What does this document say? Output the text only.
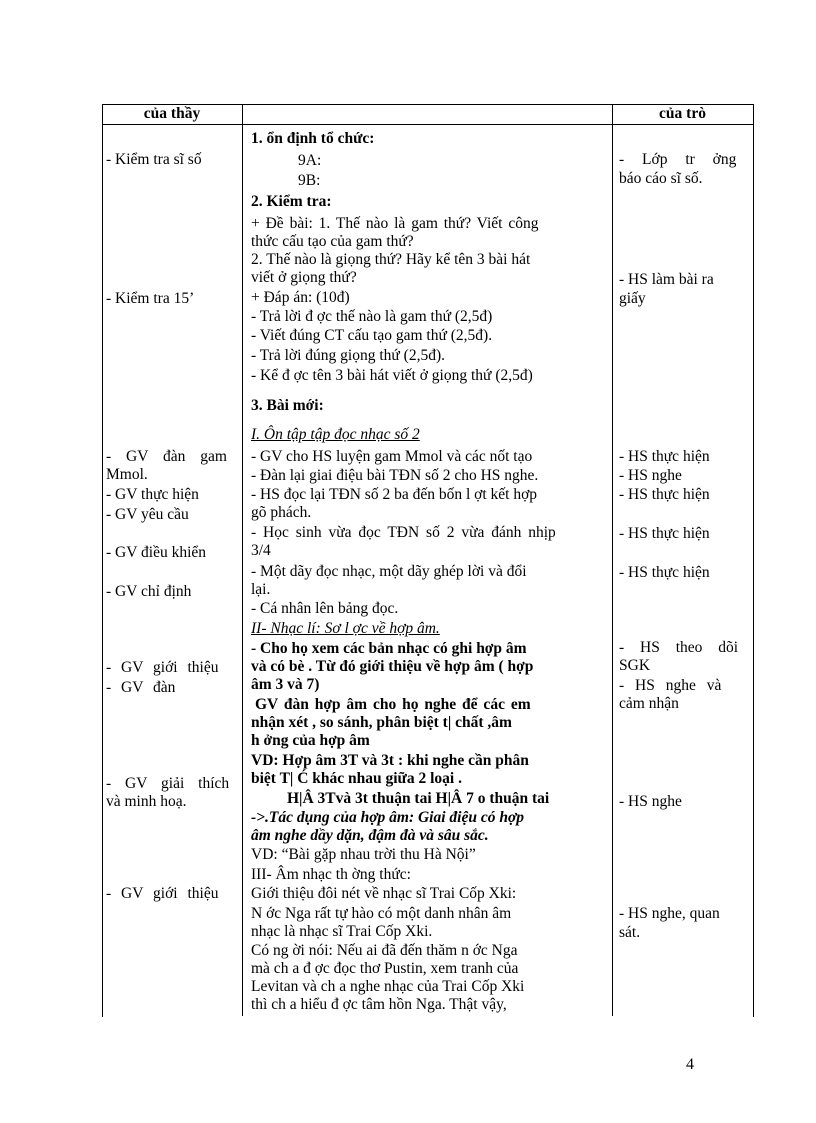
của thầy	của trò
- Kiểm tra sĩ số
- Kiểm tra 15’
- GV đàn gam
Mmol.
- GV thực hiện
- GV yêu cầu
- GV điều khiển
- GV chỉ định
- GV giới thiệu
- GV đàn
- GV giải thích
và minh hoạ.
- GV giới thiệu
1. ổn định tổ chức:
9A:
9B:
2. Kiểm tra:
+ Đề bài: 1. Thế nào là gam thứ? Viết công
thức cấu tạo của gam thứ?
2. Thế nào là giọng thứ? Hãy kể tên 3 bài hát
viết ở giọng thứ?
+ Đáp án: (10đ)
- Trả lời đ ợc thế nào là gam thứ (2,5đ)
- Viết đúng CT cấu tạo gam thứ (2,5đ).
- Trả lời đúng giọng thứ (2,5đ).
- Kể đ ợc tên 3 bài hát viết ở giọng thứ (2,5đ)
3. Bài mới:
I. Ôn tập tập đọc nhạc số 2
- GV cho HS luyện gam Mmol và các nốt tạo
- Đàn lại giai điệu bài TĐN số 2 cho HS nghe.
- HS đọc lại TĐN số 2 ba đến bốn l ợt kết hợp
gõ phách.
- Học sinh vừa đọc TĐN số 2 vừa đánh nhịp
3/4
- Một dãy đọc nhạc, một dãy ghép lời và đổi
lại.
- Cá nhân lên bảng đọc.
II- Nhạc lí: Sơ l ợc về hợp âm.
- Cho họ xem các bản nhạc có ghi hợp âm
và có bè . Từ đó giới thiệu về hợp âm ( hợp
âm 3 và 7)
GV đàn hợp âm cho họ nghe để các em
nhận xét , so sánh, phân biệt t| chất ,âm
h ởng của hợp âm
VD: Hợp âm 3T và 3t : khi nghe cần phân
biệt T| Ć khác nhau giữa 2 loại .
H|Â 3Tvà 3t thuận tai H|Â 7 o thuận tai
->.Tác dụng của hợp âm: Giai điệu có hợp
âm nghe dầy dặn, đậm đà và sâu sắc.
VD: “Bài gặp nhau trời thu Hà Nội”
III- Âm nhạc th ờng thức:
Giới thiệu đôi nét về nhạc sĩ Trai Cốp Xki:
N ớc Nga rất tự hào có một danh nhân âm
nhạc là nhạc sĩ Trai Cốp Xki.
Có ng ời nói: Nếu ai đã đến thăm n ớc Nga
mà ch a đ ợc đọc thơ Pustin, xem tranh của
Levitan và ch a nghe nhạc của Trai Cốp Xki
thì ch a hiểu đ ợc tâm hồn Nga. Thật vậy,
- Lớp tr ởng
báo cáo sĩ số.
- HS làm bài ra
giấy
- HS thực hiện
- HS nghe
- HS thực hiện
- HS thực hiện
- HS thực hiện
- HS theo dõi
SGK
- HS nghe và
cảm nhận
- HS nghe
- HS nghe, quan
sát.
4
